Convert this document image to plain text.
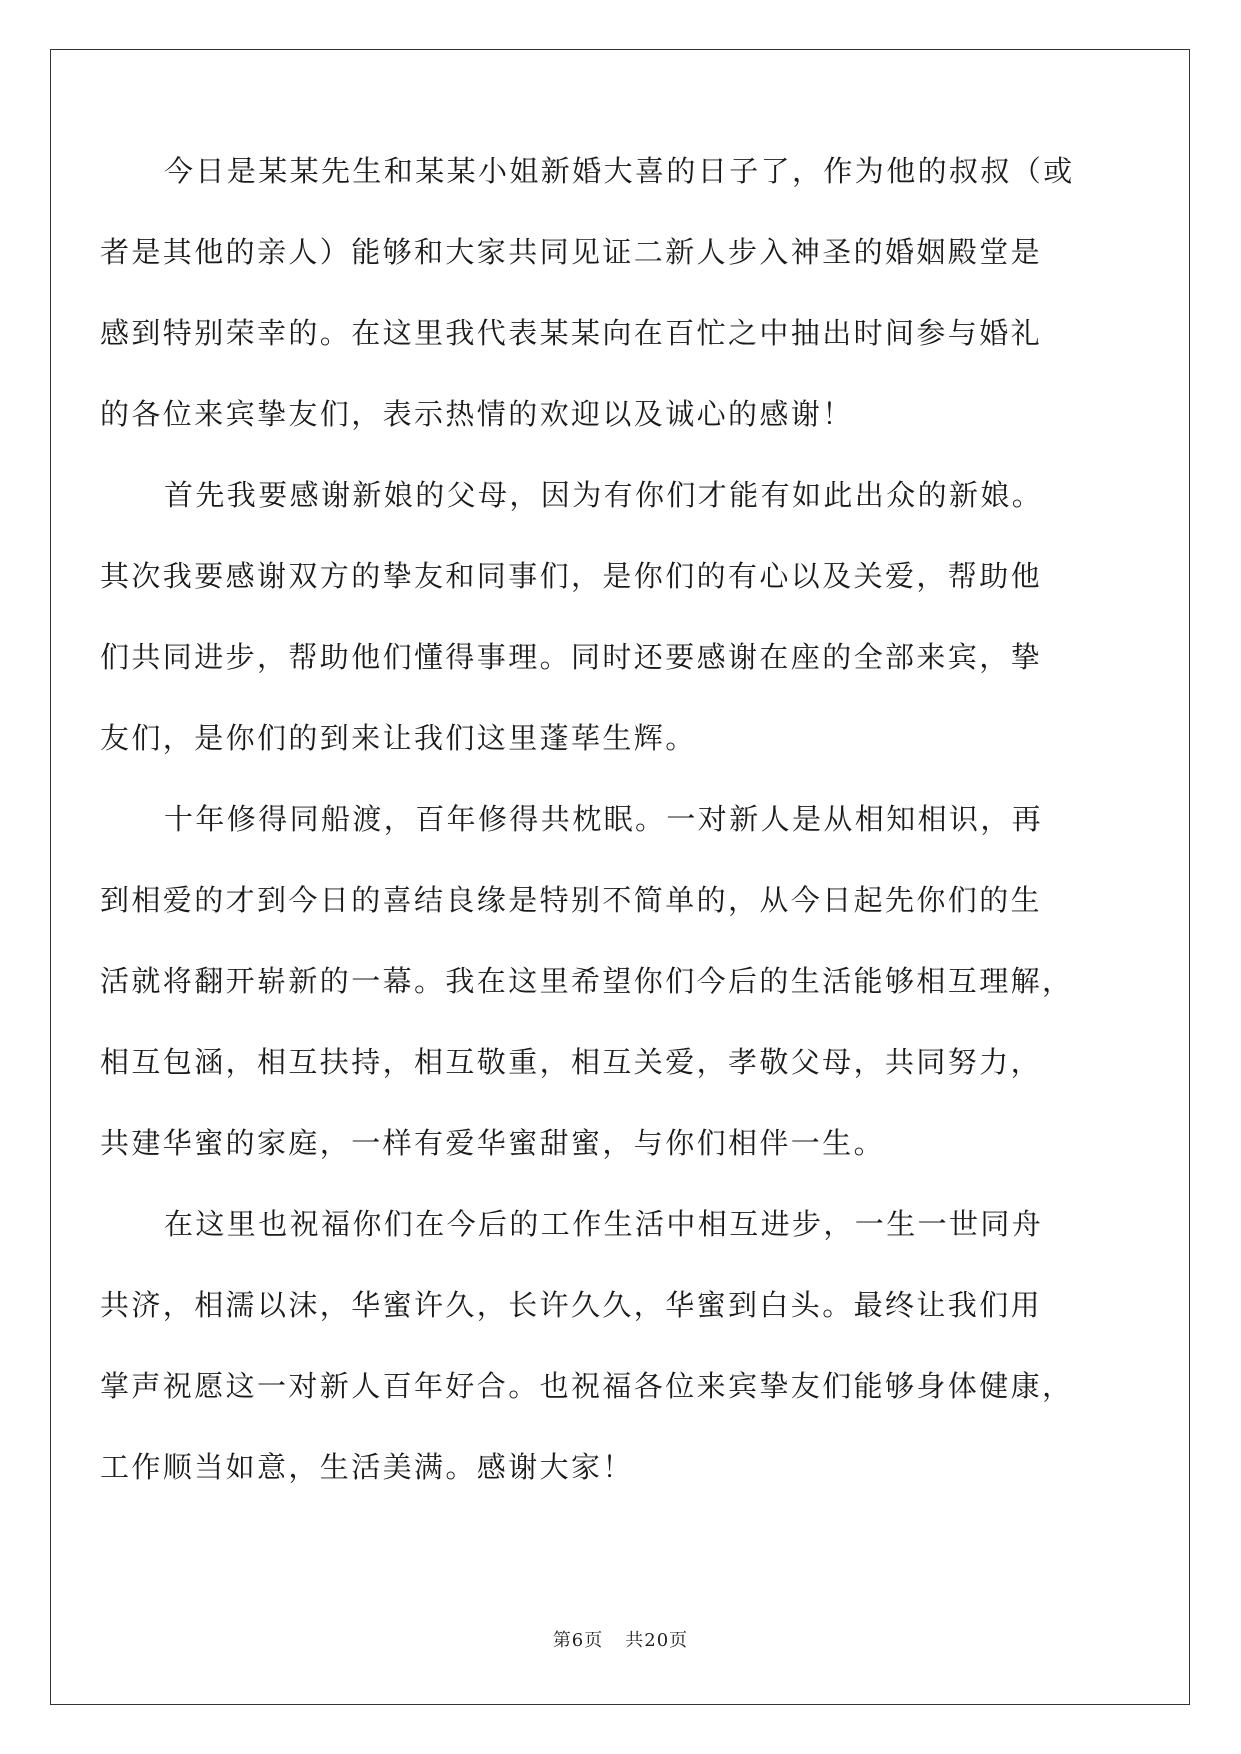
今日是某某先生和某某小姐新婚大喜的日子了，作为他的叔叔（或
者是其他的亲人）能够和大家共同见证二新人步入神圣的婚姻殿堂是
感到特别荣幸的。在这里我代表某某向在百忙之中抽出时间参与婚礼
的各位来宾挚友们，表示热情的欢迎以及诚心的感谢！

首先我要感谢新娘的父母，因为有你们才能有如此出众的新娘。
其次我要感谢双方的挚友和同事们，是你们的有心以及关爱，帮助他
们共同进步，帮助他们懂得事理。同时还要感谢在座的全部来宾，挚
友们，是你们的到来让我们这里蓬荜生辉。

十年修得同船渡，百年修得共枕眠。一对新人是从相知相识，再
到相爱的才到今日的喜结良缘是特别不简单的，从今日起先你们的生
活就将翻开崭新的一幕。我在这里希望你们今后的生活能够相互理解，
相互包涵，相互扶持，相互敬重，相互关爱，孝敬父母，共同努力，
共建华蜜的家庭，一样有爱华蜜甜蜜，与你们相伴一生。

在这里也祝福你们在今后的工作生活中相互进步，一生一世同舟
共济，相濡以沫，华蜜许久，长许久久，华蜜到白头。最终让我们用
掌声祝愿这一对新人百年好合。也祝福各位来宾挚友们能够身体健康，
工作顺当如意，生活美满。感谢大家！

第6页 共20页
